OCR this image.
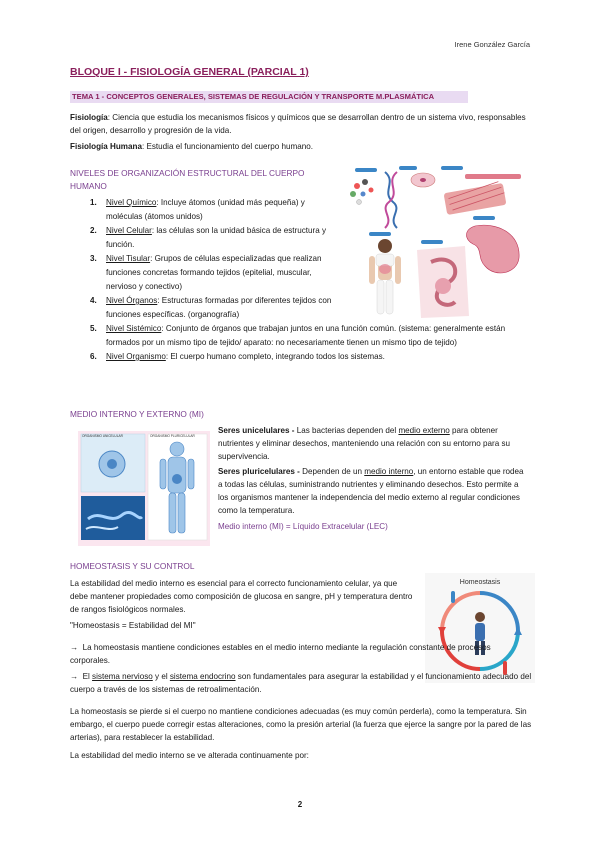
Irene González García
BLOQUE I - FISIOLOGÍA GENERAL (PARCIAL 1)
TEMA 1 - CONCEPTOS GENERALES, SISTEMAS DE REGULACIÓN Y TRANSPORTE M.PLASMÁTICA

Fisiología: Ciencia que estudia los mecanismos físicos y químicos que se desarrollan dentro de un sistema vivo, responsables del origen, desarrollo y progresión de la vida.

Fisiología Humana: Estudia el funcionamiento del cuerpo humano.

NIVELES DE ORGANIZACIÓN ESTRUCTURAL DEL CUERPO

HUMANO

1. Nivel Químico: Incluye átomos (unidad más pequeña) y moléculas (átomos unidos)
2. Nivel Celular: las células son la unidad básica de estructura y función.
3. Nivel Tisular: Grupos de células especializadas que realizan funciones concretas formando tejidos (epitelial, muscular, nervioso y conectivo)
4. Nivel Órganos: Estructuras formadas por diferentes tejidos con funciones específicas. (organografía)
5. Nivel Sistémico: Conjunto de órganos que trabajan juntos en una función común. (sistema: generalmente están formados por un mismo tipo de tejido/ aparato: no necesariamente tienen un mismo tipo de tejido)
6. Nivel Organismo: El cuerpo humano completo, integrando todos los sistemas.

MEDIO INTERNO Y EXTERNO (MI)

ORGANISMO UNICELULAR	ORGANISMO PLURICELULAR

Seres unicelulares - Las bacterias dependen del medio externo para obtener nutrientes y eliminar desechos, manteniendo una relación con su entorno para su supervivencia.

Seres pluricelulares - Dependen de un medio interno, un entorno estable que rodea a todas las células, suministrando nutrientes y eliminando desechos. Esto permite a los organismos mantener la independencia del medio externo al regular condiciones como la temperatura.

Medio interno (MI) = Líquido Extracelular (LEC)

HOMEOSTASIS Y SU CONTROL

La estabilidad del medio interno es esencial para el correcto funcionamiento celular, ya que debe mantener propiedades como composición de glucosa en sangre, pH y temperatura dentro de rangos fisiológicos normales.

"Homeostasis = Estabilidad del MI"

Homeostasis

→ La homeostasis mantiene condiciones estables en el medio interno mediante la regulación constante de procesos corporales.

→ El sistema nervioso y el sistema endocrino son fundamentales para asegurar la estabilidad y el funcionamiento adecuado del cuerpo a través de los sistemas de retroalimentación.

La homeostasis se pierde si el cuerpo no mantiene condiciones adecuadas (es muy común perderla), como la temperatura. Sin embargo, el cuerpo puede corregir estas alteraciones, como la presión arterial (la fuerza que ejerce la sangre por la pared de las arterias), para restablecer la estabilidad.

La estabilidad del medio interno se ve alterada continuamente por:

2
